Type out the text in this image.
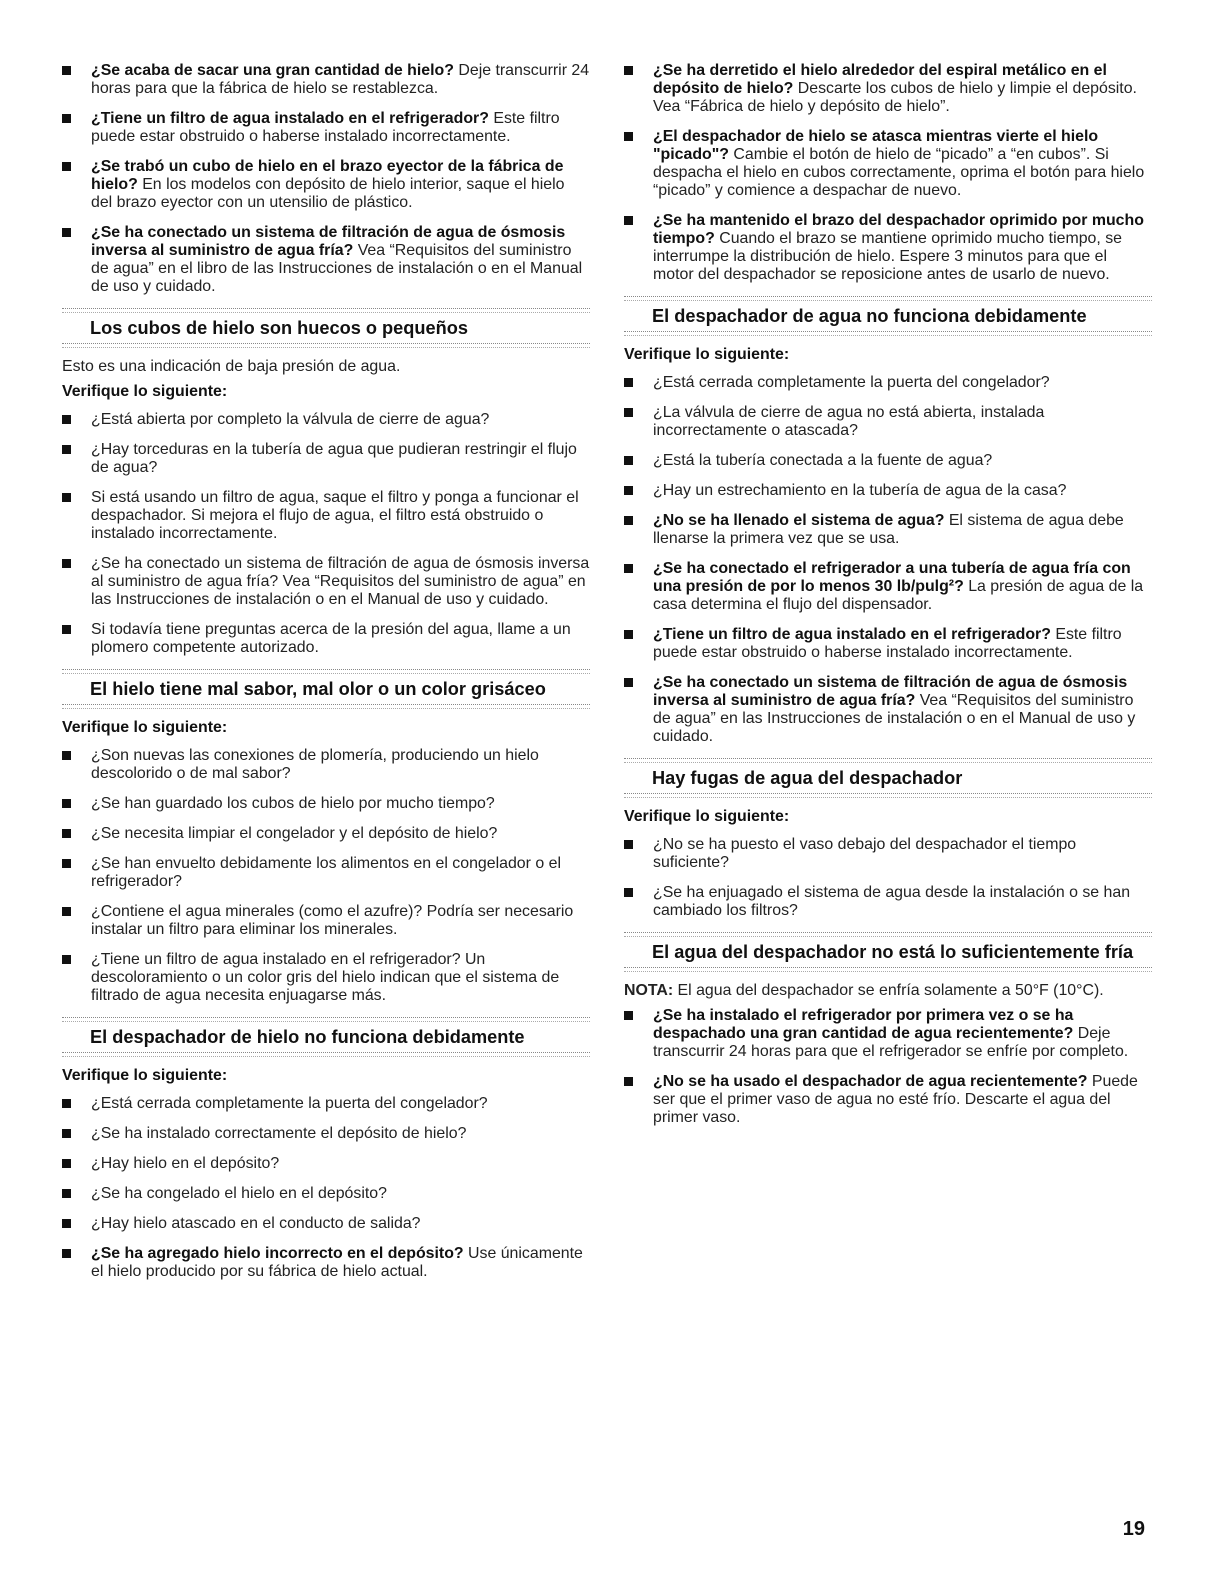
¿Se acaba de sacar una gran cantidad de hielo? Deje transcurrir 24 horas para que la fábrica de hielo se restablezca.
¿Tiene un filtro de agua instalado en el refrigerador? Este filtro puede estar obstruido o haberse instalado incorrectamente.
¿Se trabó un cubo de hielo en el brazo eyector de la fábrica de hielo? En los modelos con depósito de hielo interior, saque el hielo del brazo eyector con un utensilio de plástico.
¿Se ha conectado un sistema de filtración de agua de ósmosis inversa al suministro de agua fría? Vea “Requisitos del suministro de agua” en el libro de las Instrucciones de instalación o en el Manual de uso y cuidado.
Los cubos de hielo son huecos o pequeños

Esto es una indicación de baja presión de agua.

Verifique lo siguiente:
¿Está abierta por completo la válvula de cierre de agua?
¿Hay torceduras en la tubería de agua que pudieran restringir el flujo de agua?
Si está usando un filtro de agua, saque el filtro y ponga a funcionar el despachador. Si mejora el flujo de agua, el filtro está obstruido o instalado incorrectamente.
¿Se ha conectado un sistema de filtración de agua de ósmosis inversa al suministro de agua fría? Vea “Requisitos del suministro de agua” en las Instrucciones de instalación o en el Manual de uso y cuidado.
Si todavía tiene preguntas acerca de la presión del agua, llame a un plomero competente autorizado.
El hielo tiene mal sabor, mal olor o un color grisáceo
Verifique lo siguiente:
¿Son nuevas las conexiones de plomería, produciendo un hielo descolorido o de mal sabor?
¿Se han guardado los cubos de hielo por mucho tiempo?
¿Se necesita limpiar el congelador y el depósito de hielo?
¿Se han envuelto debidamente los alimentos en el congelador o el refrigerador?
¿Contiene el agua minerales (como el azufre)? Podría ser necesario instalar un filtro para eliminar los minerales.
¿Tiene un filtro de agua instalado en el refrigerador? Un descoloramiento o un color gris del hielo indican que el sistema de filtrado de agua necesita enjuagarse más.
El despachador de hielo no funciona debidamente
Verifique lo siguiente:
¿Está cerrada completamente la puerta del congelador?
¿Se ha instalado correctamente el depósito de hielo?
¿Hay hielo en el depósito?
¿Se ha congelado el hielo en el depósito?
¿Hay hielo atascado en el conducto de salida?
¿Se ha agregado hielo incorrecto en el depósito? Use únicamente el hielo producido por su fábrica de hielo actual.
¿Se ha derretido el hielo alrededor del espiral metálico en el depósito de hielo? Descarte los cubos de hielo y limpie el depósito. Vea “Fábrica de hielo y depósito de hielo”.
¿El despachador de hielo se atasca mientras vierte el hielo "picado"? Cambie el botón de hielo de “picado” a “en cubos”. Si despacha el hielo en cubos correctamente, oprima el botón para hielo “picado” y comience a despachar de nuevo.
¿Se ha mantenido el brazo del despachador oprimido por mucho tiempo? Cuando el brazo se mantiene oprimido mucho tiempo, se interrumpe la distribución de hielo. Espere 3 minutos para que el motor del despachador se reposicione antes de usarlo de nuevo.
El despachador de agua no funciona debidamente
Verifique lo siguiente:
¿Está cerrada completamente la puerta del congelador?
¿La válvula de cierre de agua no está abierta, instalada incorrectamente o atascada?
¿Está la tubería conectada a la fuente de agua?
¿Hay un estrechamiento en la tubería de agua de la casa?
¿No se ha llenado el sistema de agua? El sistema de agua debe llenarse la primera vez que se usa.
¿Se ha conectado el refrigerador a una tubería de agua fría con una presión de por lo menos 30 lb/pulg²? La presión de agua de la casa determina el flujo del dispensador.
¿Tiene un filtro de agua instalado en el refrigerador? Este filtro puede estar obstruido o haberse instalado incorrectamente.
¿Se ha conectado un sistema de filtración de agua de ósmosis inversa al suministro de agua fría? Vea “Requisitos del suministro de agua” en las Instrucciones de instalación o en el Manual de uso y cuidado.
Hay fugas de agua del despachador
Verifique lo siguiente:
¿No se ha puesto el vaso debajo del despachador el tiempo suficiente?
¿Se ha enjuagado el sistema de agua desde la instalación o se han cambiado los filtros?
El agua del despachador no está lo suficientemente fría

NOTA: El agua del despachador se enfría solamente a 50°F (10°C).

¿Se ha instalado el refrigerador por primera vez o se ha despachado una gran cantidad de agua recientemente? Deje transcurrir 24 horas para que el refrigerador se enfríe por completo.
¿No se ha usado el despachador de agua recientemente? Puede ser que el primer vaso de agua no esté frío. Descarte el agua del primer vaso.
19
